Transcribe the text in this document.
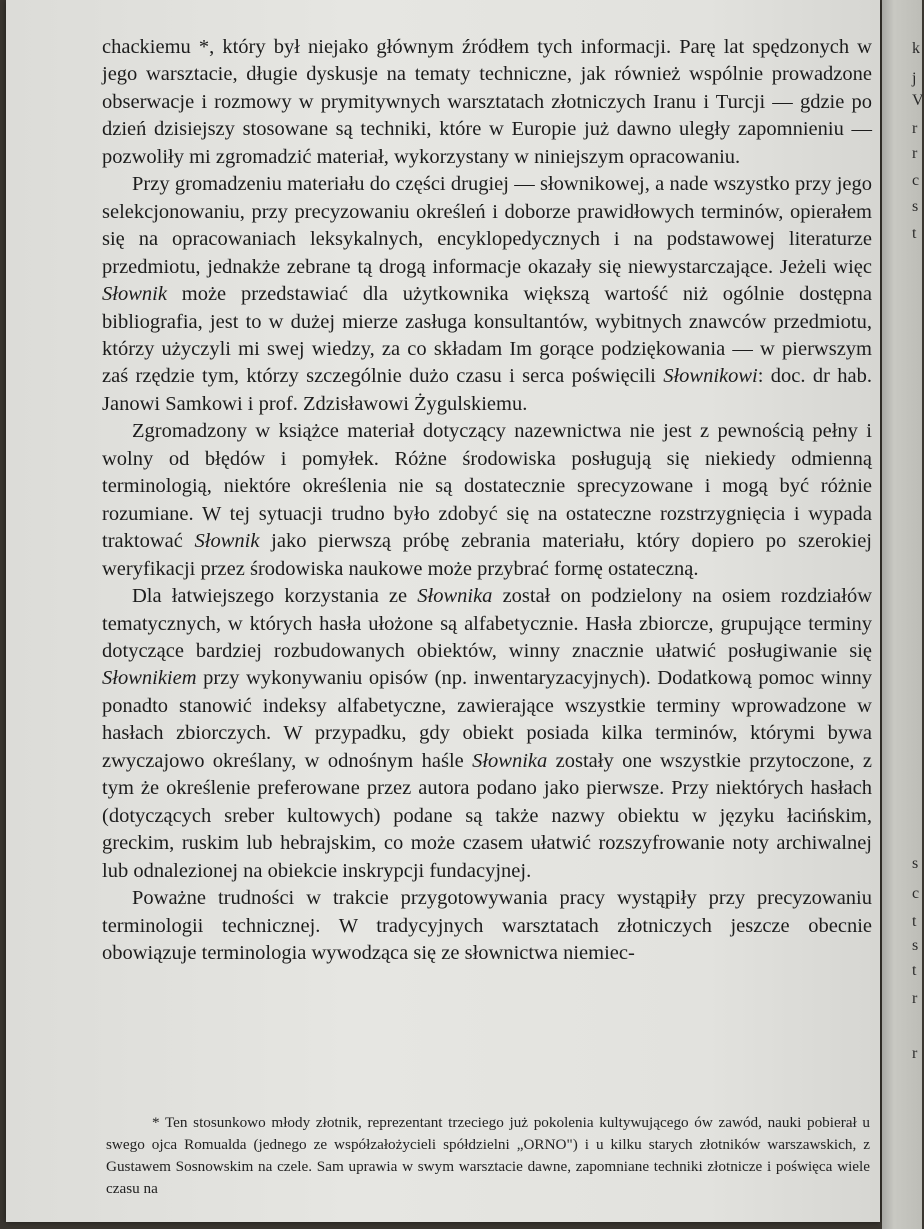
chackiemu *, który był niejako głównym źródłem tych informacji. Parę lat spędzonych w jego warsztacie, długie dyskusje na tematy techniczne, jak również wspólnie prowadzone obserwacje i rozmowy w prymitywnych warsztatach złotniczych Iranu i Turcji — gdzie po dzień dzisiejszy stosowane są techniki, które w Europie już dawno uległy zapomnieniu — pozwoliły mi zgromadzić materiał, wykorzystany w niniejszym opracowaniu.

Przy gromadzeniu materiału do części drugiej — słownikowej, a nade wszystko przy jego selekcjonowaniu, przy precyzowaniu określeń i doborze prawidłowych terminów, opierałem się na opracowaniach leksykalnych, encyklopedycznych i na podstawowej literaturze przedmiotu, jednakże zebrane tą drogą informacje okazały się niewystarczające. Jeżeli więc Słownik może przedstawiać dla użytkownika większą wartość niż ogólnie dostępna bibliografia, jest to w dużej mierze zasługa konsultantów, wybitnych znawców przedmiotu, którzy użyczyli mi swej wiedzy, za co składam Im gorące podziękowania — w pierwszym zaś rzędzie tym, którzy szczególnie dużo czasu i serca poświęcili Słownikowi: doc. dr hab. Janowi Samkowi i prof. Zdzisławowi Żygulskiemu.

Zgromadzony w książce materiał dotyczący nazewnictwa nie jest z pewnością pełny i wolny od błędów i pomyłek. Różne środowiska posługują się niekiedy odmienną terminologią, niektóre określenia nie są dostatecznie sprecyzowane i mogą być różnie rozumiane. W tej sytuacji trudno było zdobyć się na ostateczne rozstrzygnięcia i wypada traktować Słownik jako pierwszą próbę zebrania materiału, który dopiero po szerokiej weryfikacji przez środowiska naukowe może przybrać formę ostateczną.

Dla łatwiejszego korzystania ze Słownika został on podzielony na osiem rozdziałów tematycznych, w których hasła ułożone są alfabetycznie. Hasła zbiorcze, grupujące terminy dotyczące bardziej rozbudowanych obiektów, winny znacznie ułatwić posługiwanie się Słownikiem przy wykonywaniu opisów (np. inwentaryzacyjnych). Dodatkową pomoc winny ponadto stanowić indeksy alfabetyczne, zawierające wszystkie terminy wprowadzone w hasłach zbiorczych. W przypadku, gdy obiekt posiada kilka terminów, którymi bywa zwyczajowo określany, w odnośnym haśle Słownika zostały one wszystkie przytoczone, z tym że określenie preferowane przez autora podano jako pierwsze. Przy niektórych hasłach (dotyczących sreber kultowych) podane są także nazwy obiektu w języku łacińskim, greckim, ruskim lub hebrajskim, co może czasem ułatwić rozszyfrowanie noty archiwalnej lub odnalezionej na obiekcie inskrypcji fundacyjnej.

Poważne trudności w trakcie przygotowywania pracy wystąpiły przy precyzowaniu terminologii technicznej. W tradycyjnych warsztatach złotniczych jeszcze obecnie obowiązuje terminologia wywodząca się ze słownictwa niemiec-

* Ten stosunkowo młody złotnik, reprezentant trzeciego już pokolenia kultywującego ów zawód, nauki pobierał u swego ojca Romualda (jednego ze współzałożycieli spółdzielni „ORNO") i u kilku starych złotników warszawskich, z Gustawem Sosnowskim na czele. Sam uprawia w swym warsztacie dawne, zapomniane techniki złotnicze i poświęca wiele czasu na

k
j
V
r
r
c
s
t
s
c
t
s
t
r
r
